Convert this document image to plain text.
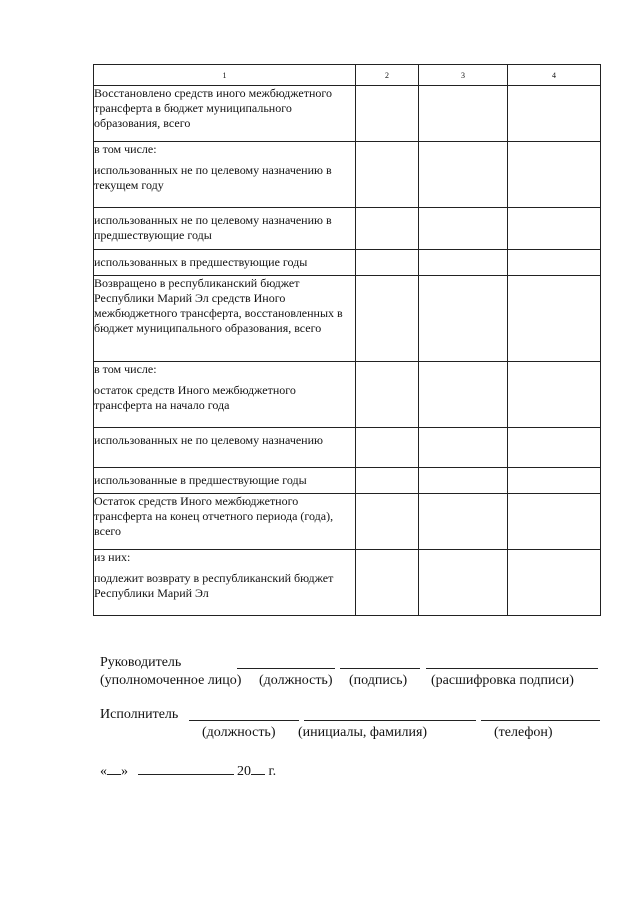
1	2	3	4
Восстановлено средств иного межбюджетного трансферта в бюджет муниципального образования, всего			

в том числе:
использованных не по целевому назначению в текущем году			

использованных не по целевому назначению в предшествующие годы			

использованных в предшествующие годы			

Возвращено в республиканский бюджет Республики Марий Эл средств Иного межбюджетного трансферта, восстановленных в бюджет муниципального образования, всего			

в том числе:
остаток средств Иного межбюджетного трансферта на начало года			

использованных не по целевому назначению			

использованные в предшествующие годы			

Остаток средств Иного межбюджетного трансферта на конец отчетного периода (года), всего			

из них:
подлежит возврату в республиканский бюджет Республики Марий Эл			

Руководитель
(уполномоченное лицо) (должность) (подпись) (расшифровка подписи)
Исполнитель
(должность) (инициалы, фамилия)	(телефон)
« »	20 г.
